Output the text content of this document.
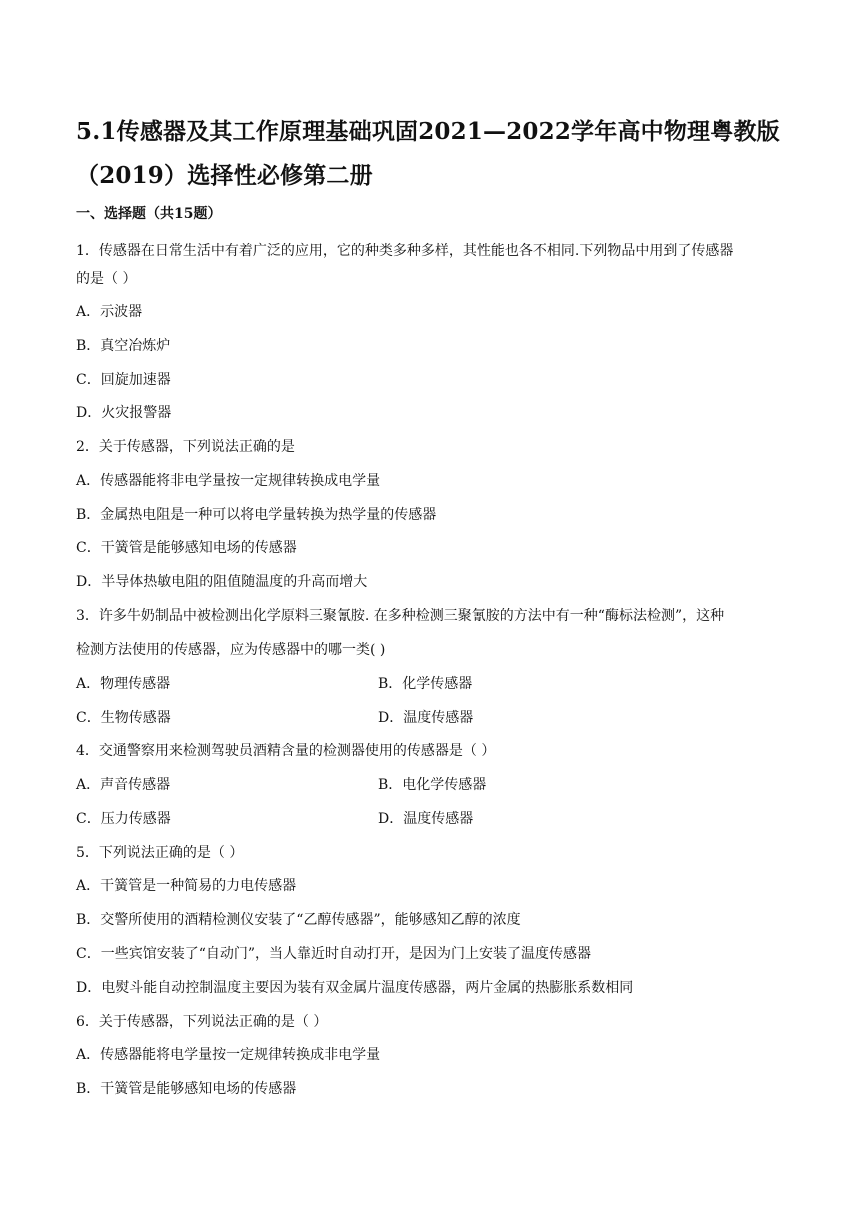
5.1传感器及其工作原理基础巩固2021—2022学年高中物理粤教版
（2019）选择性必修第二册
一、选择题（共15题）
1．传感器在日常生活中有着广泛的应用，它的种类多种多样，其性能也各不相同.下列物品中用到了传感器
的是（ ）
A．示波器
B．真空冶炼炉
C．回旋加速器
D．火灾报警器
2．关于传感器，下列说法正确的是
A．传感器能将非电学量按一定规律转换成电学量
B．金属热电阻是一种可以将电学量转换为热学量的传感器
C．干簧管是能够感知电场的传感器
D．半导体热敏电阻的阻值随温度的升高而增大
3．许多牛奶制品中被检测出化学原料三聚氰胺. 在多种检测三聚氰胺的方法中有一种“酶标法检测”，这种
检测方法使用的传感器，应为传感器中的哪一类( )
A．物理传感器	B．化学传感器
C．生物传感器	D．温度传感器
4．交通警察用来检测驾驶员酒精含量的检测器使用的传感器是（ ）
A．声音传感器	B．电化学传感器
C．压力传感器	D．温度传感器
5．下列说法正确的是（ ）
A．干簧管是一种简易的力电传感器
B．交警所使用的酒精检测仪安装了“乙醇传感器”，能够感知乙醇的浓度
C．一些宾馆安装了“自动门”，当人靠近时自动打开，是因为门上安装了温度传感器
D．电熨斗能自动控制温度主要因为装有双金属片温度传感器，两片金属的热膨胀系数相同
6．关于传感器，下列说法正确的是（ ）
A．传感器能将电学量按一定规律转换成非电学量
B．干簧管是能够感知电场的传感器
